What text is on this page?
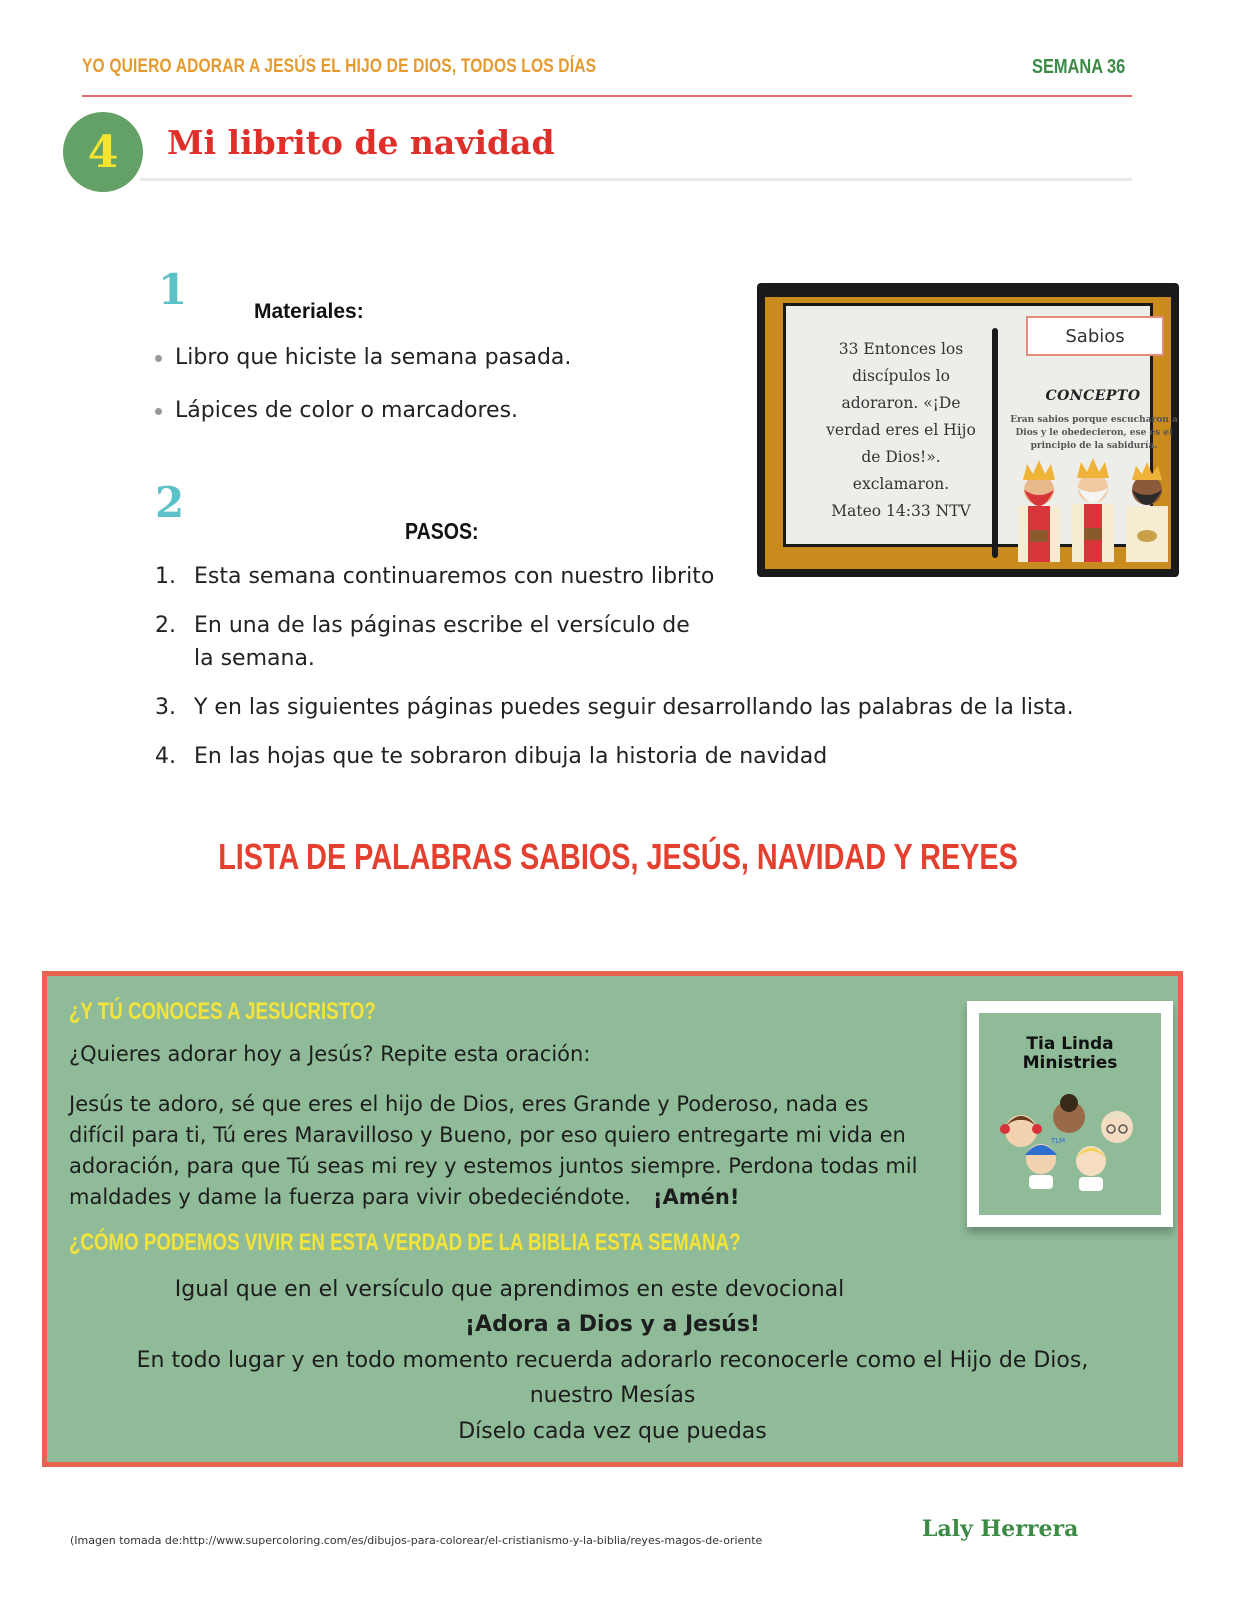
YO QUIERO ADORAR A JESÚS EL HIJO DE DIOS, TODOS LOS DÍAS	SEMANA 36
4	Mi librito de navidad
1	Materiales:
Libro que hiciste la semana pasada.
Lápices de color o marcadores.
2
PASOS:
1. Esta semana continuaremos con nuestro librito
2. En una de las páginas escribe el versículo de la semana.
3. Y en las siguientes páginas puedes seguir desarrollando las palabras de la lista.
4. En las hojas que te sobraron dibuja la historia de navidad
33 Entonces los
discípulos lo
adoraron. «¡De
verdad eres el Hijo
de Dios!».
exclamaron.
Mateo 14:33 NTV
Sabios
CONCEPTO
Eran sabios porque escucharon a Dios y le obedecieron, ese es el principio de la sabiduría.
LISTA DE PALABRAS SABIOS, JESÚS, NAVIDAD Y REYES
¿Y TÚ CONOCES A JESUCRISTO?
¿Quieres adorar hoy a Jesús? Repite esta oración:
Jesús te adoro, sé que eres el hijo de Dios, eres Grande y Poderoso, nada es
difícil para ti, Tú eres Maravilloso y Bueno, por eso quiero entregarte mi vida en
adoración, para que Tú seas mi rey y estemos juntos siempre. Perdona todas mil
maldades y dame la fuerza para vivir obedeciéndote. ¡Amén!
¿CÓMO PODEMOS VIVIR EN ESTA VERDAD DE LA BIBLIA ESTA SEMANA?
Igual que en el versículo que aprendimos en este devocional
¡Adora a Dios y a Jesús!
En todo lugar y en todo momento recuerda adorarlo reconocerle como el Hijo de Dios,
nuestro Mesías
Díselo cada vez que puedas
Tia Linda Ministries
TLM
(Imagen tomada de:http://www.supercoloring.com/es/dibujos-para-colorear/el-cristianismo-y-la-biblia/reyes-magos-de-oriente	Laly Herrera
